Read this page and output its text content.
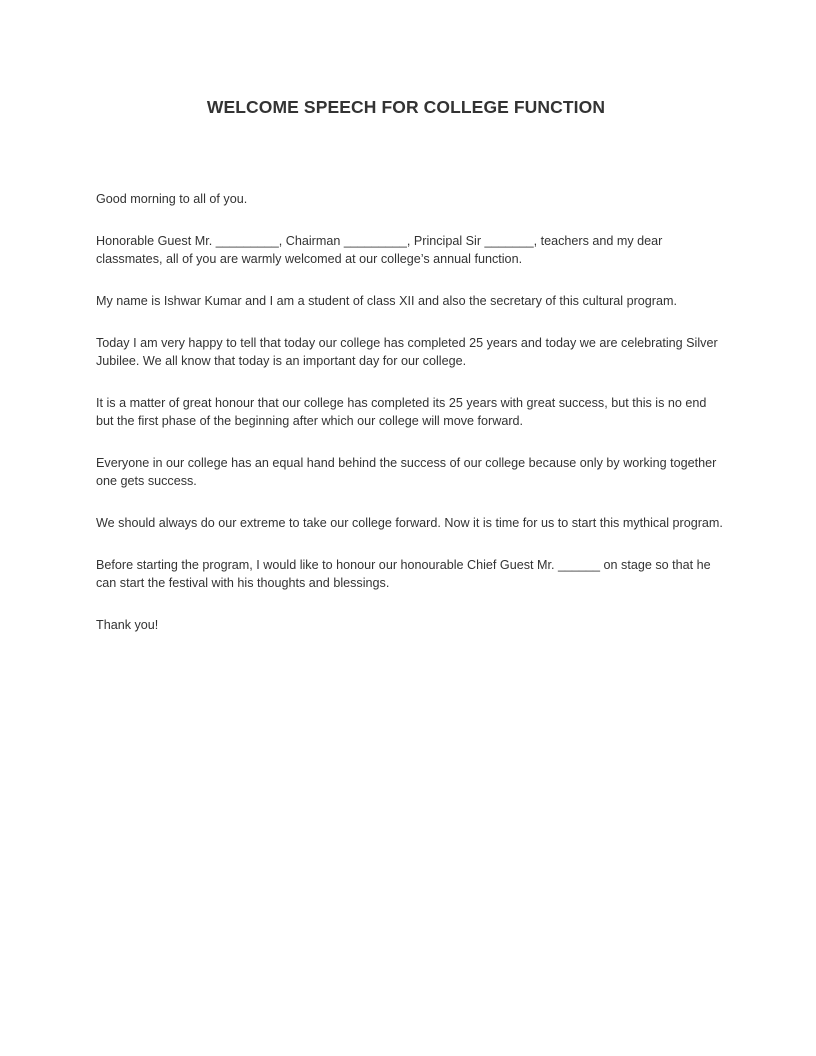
WELCOME SPEECH FOR COLLEGE FUNCTION

Good morning to all of you.

Honorable Guest Mr. _________, Chairman _________, Principal Sir _______, teachers and my dear classmates, all of you are warmly welcomed at our college’s annual function.

My name is Ishwar Kumar and I am a student of class XII and also the secretary of this cultural program.

Today I am very happy to tell that today our college has completed 25 years and today we are celebrating Silver Jubilee. We all know that today is an important day for our college.

It is a matter of great honour that our college has completed its 25 years with great success, but this is no end but the first phase of the beginning after which our college will move forward.

Everyone in our college has an equal hand behind the success of our college because only by working together one gets success.

We should always do our extreme to take our college forward. Now it is time for us to start this mythical program.

Before starting the program, I would like to honour our honourable Chief Guest Mr. ______ on stage so that he can start the festival with his thoughts and blessings.

Thank you!
